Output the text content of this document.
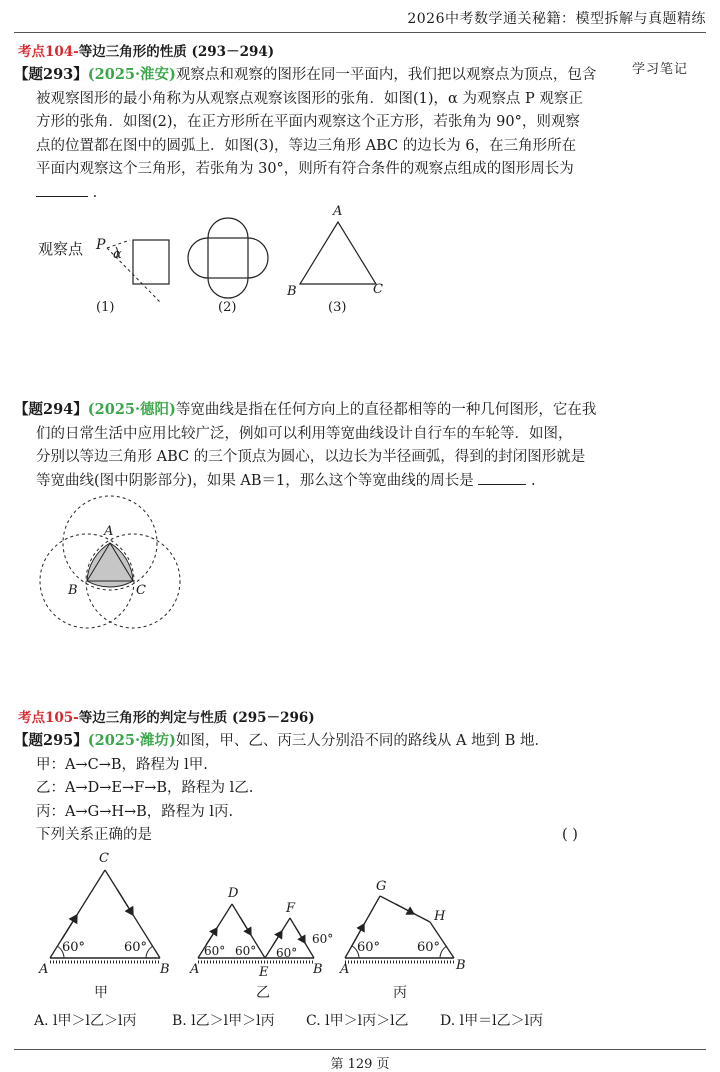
2026中考数学通关秘籍：模型拆解与真题精练
学习笔记
考点104-等边三角形的性质 (293－294)
【题293】(2025·淮安)观察点和观察的图形在同一平面内，我们把以观察点为顶点，包含
被观察图形的最小角称为从观察点观察该图形的张角．如图(1)，α 为观察点 P 观察正
方形的张角．如图(2)，在正方形所在平面内观察这个正方形，若张角为 90°，则观察
点的位置都在图中的圆弧上．如图(3)，等边三角形 ABC 的边长为 6，在三角形所在
平面内观察这个三角形，若张角为 30°，则所有符合条件的观察点组成的图形周长为
.
观察点 P
α
A
B	C
(1)	(2)	(3)
【题294】(2025·德阳)等宽曲线是指在任何方向上的直径都相等的一种几何图形，它在我
们的日常生活中应用比较广泛，例如可以利用等宽曲线设计自行车的车轮等．如图，
分别以等边三角形 ABC 的三个顶点为圆心，以边长为半径画弧，得到的封闭图形就是
等宽曲线(图中阴影部分)，如果 AB＝1，那么这个等宽曲线的周长是	.
A
B	C
考点105-等边三角形的判定与性质 (295－296)
【题295】(2025·潍坊)如图，甲、乙、丙三人分别沿不同的路线从 A 地到 B 地．
甲：A→C→B，路程为 l甲.
乙：A→D→E→F→B，路程为 l乙.
丙：A→G→H→B，路程为 l丙.
下列关系正确的是	( )
C
A	B
60°	60°
甲
D
F
A	E	B
60° 60° 60°
60°
乙
G
H
A	B
60°	60°
丙
A. l甲＞l乙＞l丙	B. l乙＞l甲＞l丙 C. l甲＞l丙＞l乙 D. l甲＝l乙＞l丙
第 129 页
